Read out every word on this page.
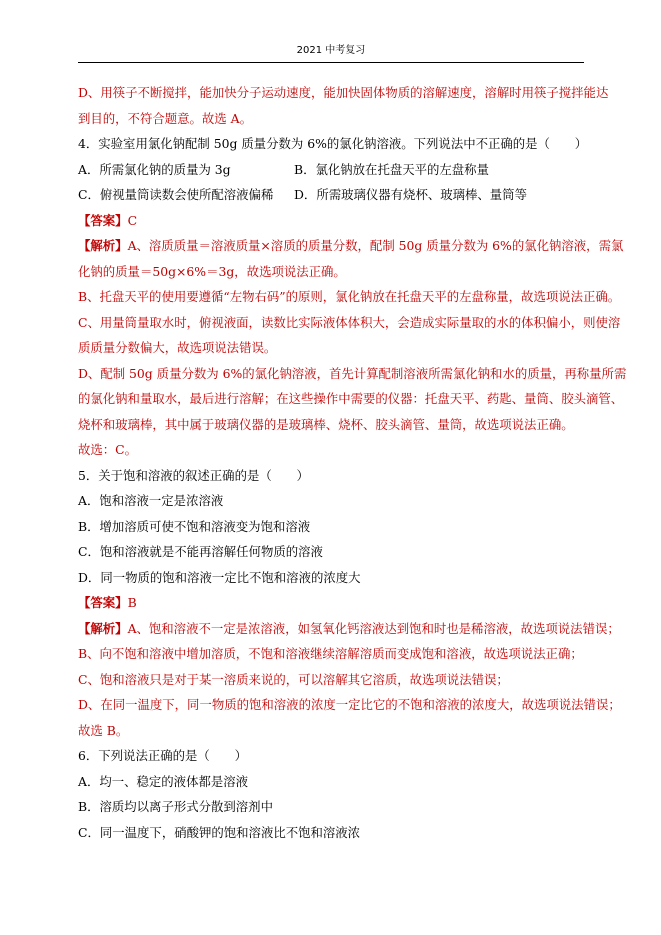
2021 中考复习

D、用筷子不断搅拌，能加快分子运动速度，能加快固体物质的溶解速度，溶解时用筷子搅拌能达

到目的，不符合题意。故选 A。

4．实验室用氯化钠配制 50g 质量分数为 6%的氯化钠溶液。下列说法中不正确的是（　　）

A．所需氯化钠的质量为 3g	B．氯化钠放在托盘天平的左盘称量
C．俯视量筒读数会使所配溶液偏稀	D．所需玻璃仪器有烧杯、玻璃棒、量筒等

【答案】C

【解析】A、溶质质量＝溶液质量×溶质的质量分数，配制 50g 质量分数为 6%的氯化钠溶液，需氯

化钠的质量＝50g×6%＝3g，故选项说法正确。

B、托盘天平的使用要遵循“左物右码”的原则，氯化钠放在托盘天平的左盘称量，故选项说法正确。

C、用量筒量取水时，俯视液面，读数比实际液体体积大，会造成实际量取的水的体积偏小，则使溶

质质量分数偏大，故选项说法错误。

D、配制 50g 质量分数为 6%的氯化钠溶液，首先计算配制溶液所需氯化钠和水的质量，再称量所需

的氯化钠和量取水，最后进行溶解；在这些操作中需要的仪器：托盘天平、药匙、量筒、胶头滴管、

烧杯和玻璃棒，其中属于玻璃仪器的是玻璃棒、烧杯、胶头滴管、量筒，故选项说法正确。

故选：C。

5．关于饱和溶液的叙述正确的是（　　）

A．饱和溶液一定是浓溶液

B．增加溶质可使不饱和溶液变为饱和溶液

C．饱和溶液就是不能再溶解任何物质的溶液

D．同一物质的饱和溶液一定比不饱和溶液的浓度大

【答案】B

【解析】A、饱和溶液不一定是浓溶液，如氢氧化钙溶液达到饱和时也是稀溶液，故选项说法错误；

B、向不饱和溶液中增加溶质，不饱和溶液继续溶解溶质而变成饱和溶液，故选项说法正确；

C、饱和溶液只是对于某一溶质来说的，可以溶解其它溶质，故选项说法错误；

D、在同一温度下，同一物质的饱和溶液的浓度一定比它的不饱和溶液的浓度大，故选项说法错误；

故选 B。

6．下列说法正确的是（　　）

A．均一、稳定的液体都是溶液

B．溶质均以离子形式分散到溶剂中

C．同一温度下，硝酸钾的饱和溶液比不饱和溶液浓
